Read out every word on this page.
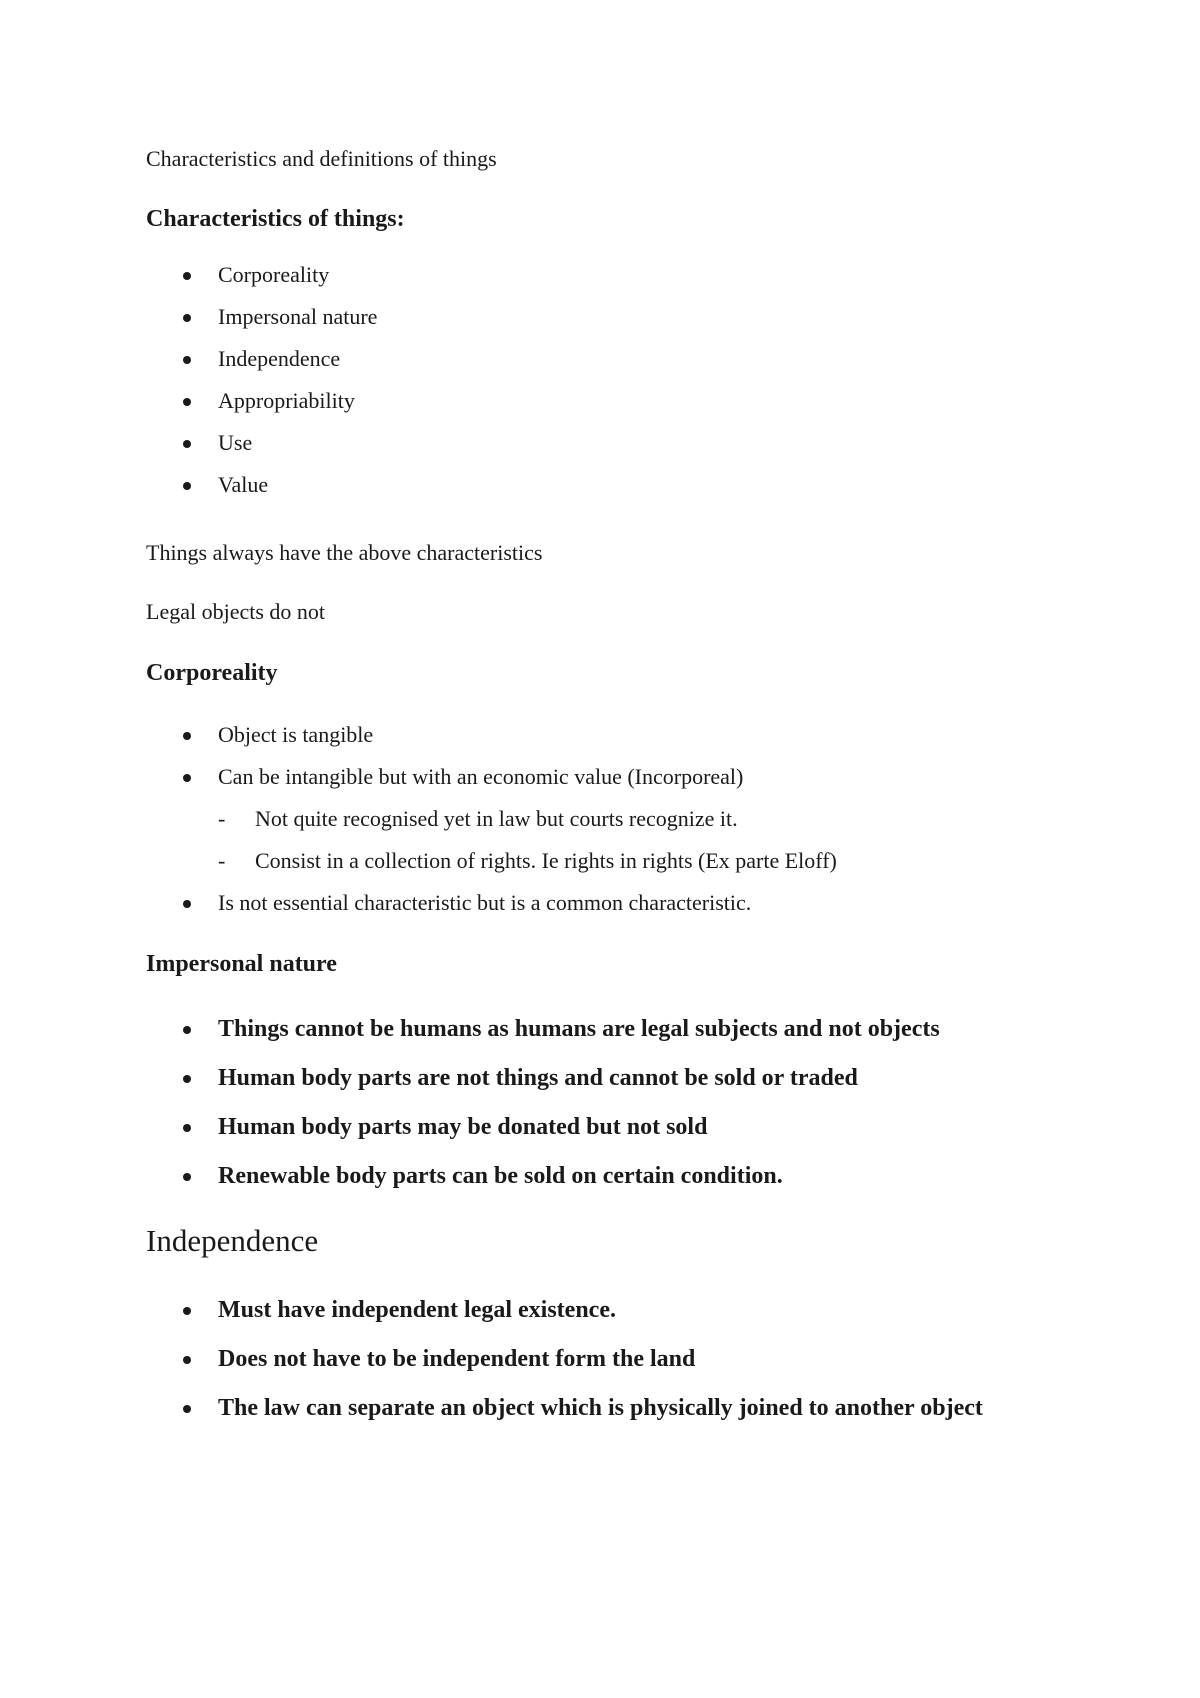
Characteristics and definitions of things
Characteristics of things:
Corporeality
Impersonal nature
Independence
Appropriability
Use
Value
Things always have the above characteristics
Legal objects do not
Corporeality
Object is tangible
Can be intangible but with an economic value (Incorporeal)
- Not quite recognised yet in law but courts recognize it.
- Consist in a collection of rights. Ie rights in rights (Ex parte Eloff)
Is not essential characteristic but is a common characteristic.
Impersonal nature
Things cannot be humans as humans are legal subjects and not objects
Human body parts are not things and cannot be sold or traded
Human body parts may be donated but not sold
Renewable body parts can be sold on certain condition.
Independence
Must have independent legal existence.
Does not have to be independent form the land
The law can separate an object which is physically joined to another object
